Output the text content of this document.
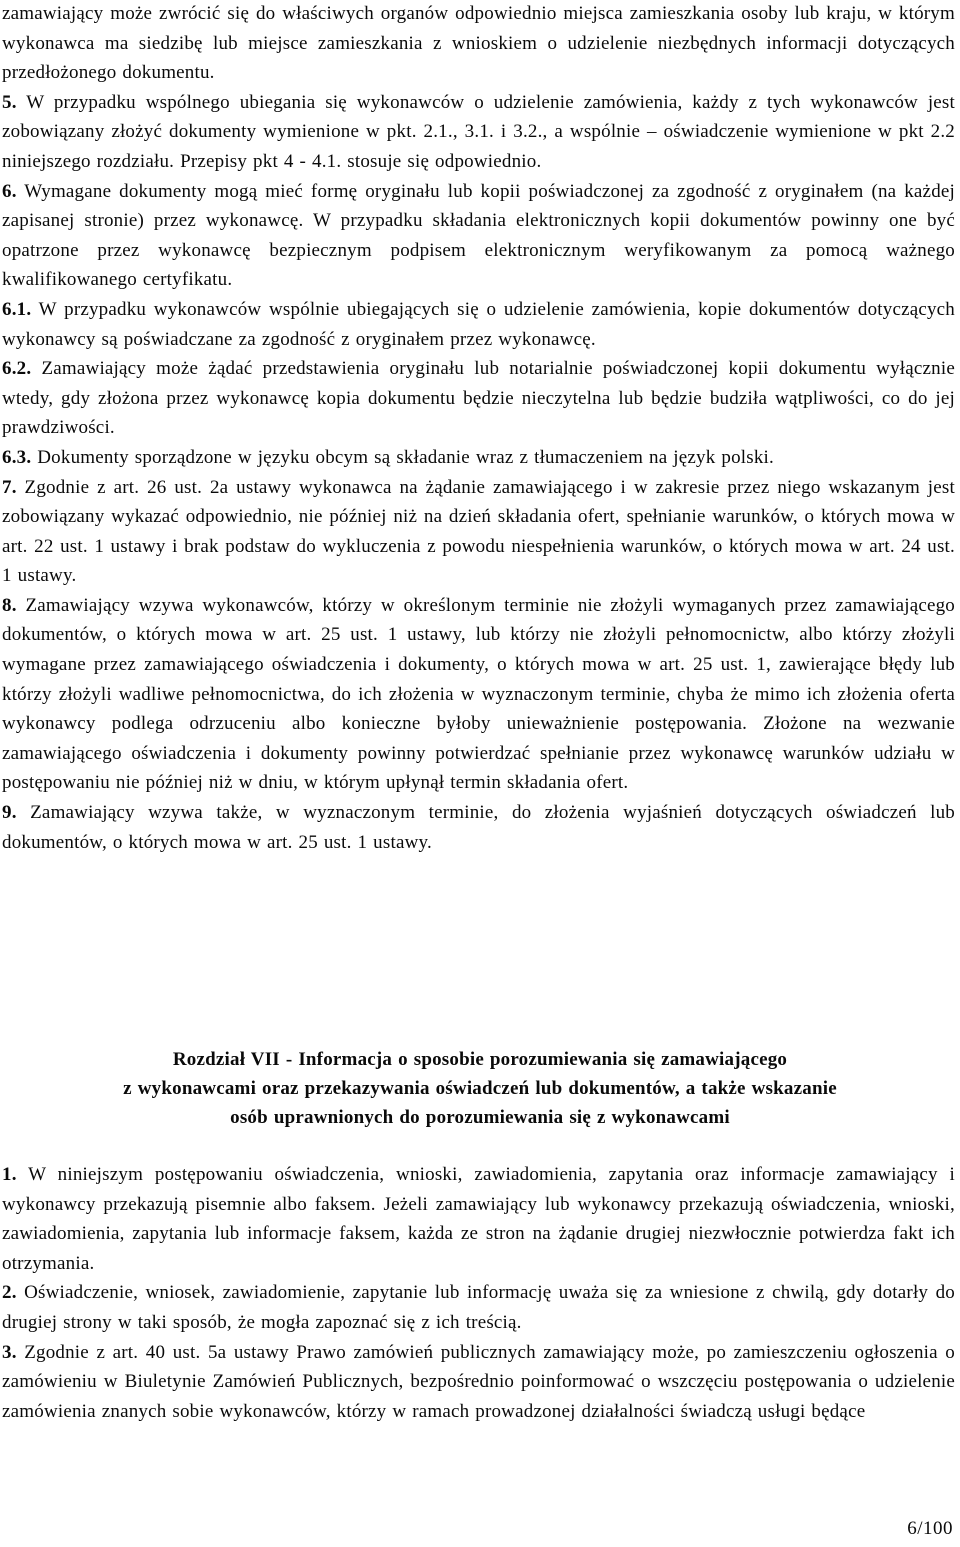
zamawiający może zwrócić się do właściwych organów odpowiednio miejsca zamieszkania osoby lub kraju, w którym wykonawca ma siedzibę lub miejsce zamieszkania z wnioskiem o udzielenie niezbędnych informacji dotyczących przedłożonego dokumentu.

5. W przypadku wspólnego ubiegania się wykonawców o udzielenie zamówienia, każdy z tych wykonawców jest zobowiązany złożyć dokumenty wymienione w pkt. 2.1., 3.1. i 3.2., a wspólnie – oświadczenie wymienione w pkt 2.2 niniejszego rozdziału. Przepisy pkt 4 - 4.1. stosuje się odpowiednio.

6. Wymagane dokumenty mogą mieć formę oryginału lub kopii poświadczonej za zgodność z oryginałem (na każdej zapisanej stronie) przez wykonawcę. W przypadku składania elektronicznych kopii dokumentów powinny one być opatrzone przez wykonawcę bezpiecznym podpisem elektronicznym weryfikowanym za pomocą ważnego kwalifikowanego certyfikatu.

6.1. W przypadku wykonawców wspólnie ubiegających się o udzielenie zamówienia, kopie dokumentów dotyczących wykonawcy są poświadczane za zgodność z oryginałem przez wykonawcę.

6.2. Zamawiający może żądać przedstawienia oryginału lub notarialnie poświadczonej kopii dokumentu wyłącznie wtedy, gdy złożona przez wykonawcę kopia dokumentu będzie nieczytelna lub będzie budziła wątpliwości, co do jej prawdziwości.

6.3. Dokumenty sporządzone w języku obcym są składanie wraz z tłumaczeniem na język polski.

7. Zgodnie z art. 26 ust. 2a ustawy wykonawca na żądanie zamawiającego i w zakresie przez niego wskazanym jest zobowiązany wykazać odpowiednio, nie później niż na dzień składania ofert, spełnianie warunków, o których mowa w art. 22 ust. 1 ustawy i brak podstaw do wykluczenia z powodu niespełnienia warunków, o których mowa w art. 24 ust. 1 ustawy.

8. Zamawiający wzywa wykonawców, którzy w określonym terminie nie złożyli wymaganych przez zamawiającego dokumentów, o których mowa w art. 25 ust. 1 ustawy, lub którzy nie złożyli pełnomocnictw, albo którzy złożyli wymagane przez zamawiającego oświadczenia i dokumenty, o których mowa w art. 25 ust. 1, zawierające błędy lub którzy złożyli wadliwe pełnomocnictwa, do ich złożenia w wyznaczonym terminie, chyba że mimo ich złożenia oferta wykonawcy podlega odrzuceniu albo konieczne byłoby unieważnienie postępowania. Złożone na wezwanie zamawiającego oświadczenia i dokumenty powinny potwierdzać spełnianie przez wykonawcę warunków udziału w postępowaniu nie później niż w dniu, w którym upłynął termin składania ofert.

9. Zamawiający wzywa także, w wyznaczonym terminie, do złożenia wyjaśnień dotyczących oświadczeń lub dokumentów, o których mowa w art. 25 ust. 1 ustawy.

Rozdział VII - Informacja o sposobie porozumiewania się zamawiającego
z wykonawcami oraz przekazywania oświadczeń lub dokumentów, a także wskazanie
osób uprawnionych do porozumiewania się z wykonawcami

1. W niniejszym postępowaniu oświadczenia, wnioski, zawiadomienia, zapytania oraz informacje zamawiający i wykonawcy przekazują pisemnie albo faksem. Jeżeli zamawiający lub wykonawcy przekazują oświadczenia, wnioski, zawiadomienia, zapytania lub informacje faksem, każda ze stron na żądanie drugiej niezwłocznie potwierdza fakt ich otrzymania.

2. Oświadczenie, wniosek, zawiadomienie, zapytanie lub informację uważa się za wniesione z chwilą, gdy dotarły do drugiej strony w taki sposób, że mogła zapoznać się z ich treścią.

3. Zgodnie z art. 40 ust. 5a ustawy Prawo zamówień publicznych zamawiający może, po zamieszczeniu ogłoszenia o zamówieniu w Biuletynie Zamówień Publicznych, bezpośrednio poinformować o wszczęciu postępowania o udzielenie zamówienia znanych sobie wykonawców, którzy w ramach prowadzonej działalności świadczą usługi będące

6/100
